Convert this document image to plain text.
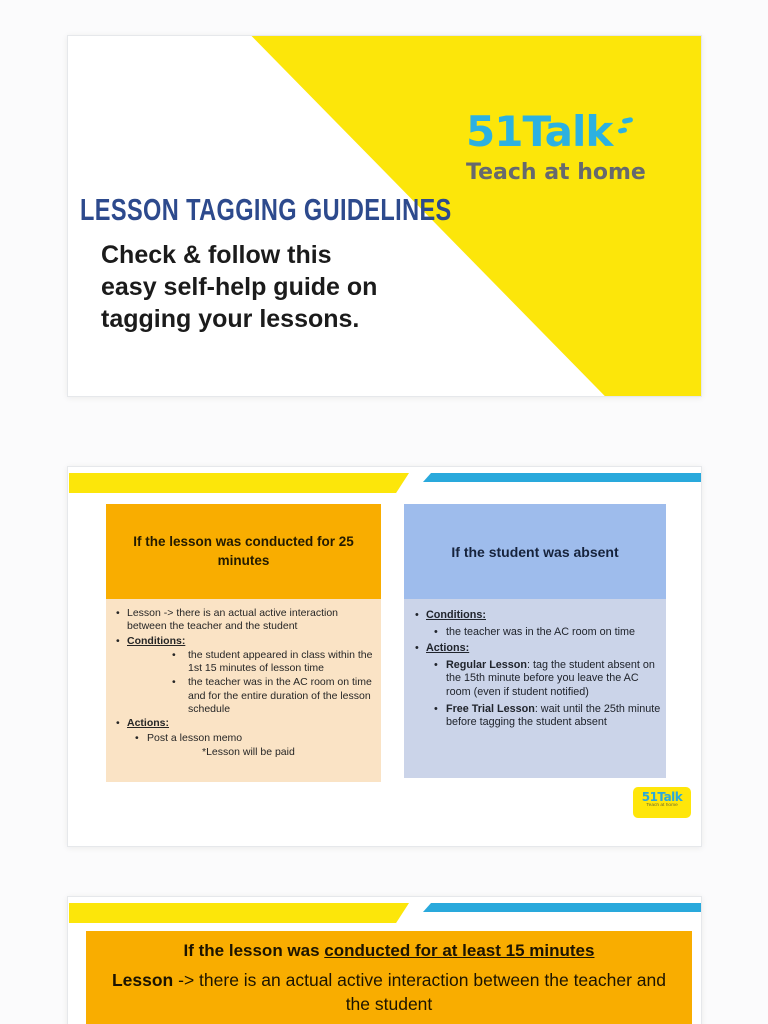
LESSON TAGGING GUIDELINES
Check & follow this
easy self-help guide on
tagging your lessons.
51Talk
Teach at home
If the lesson was conducted for 25 minutes
• Lesson -> there is an actual active interaction between the teacher and the student
• Conditions:
• the student appeared in class within the 1st 15 minutes of lesson time
• the teacher was in the AC room on time and for the entire duration of the lesson schedule
• Actions:
• Post a lesson memo
*Lesson will be paid
If the student was absent
• Conditions:
• the teacher was in the AC room on time
• Actions:
• Regular Lesson: tag the student absent on the 15th minute before you leave the AC room (even if student notified)
• Free Trial Lesson: wait until the 25th minute before tagging the student absent
51Talk
Teach at home
If the lesson was conducted for at least 15 minutes
Lesson -> there is an actual active interaction between the teacher and the student
